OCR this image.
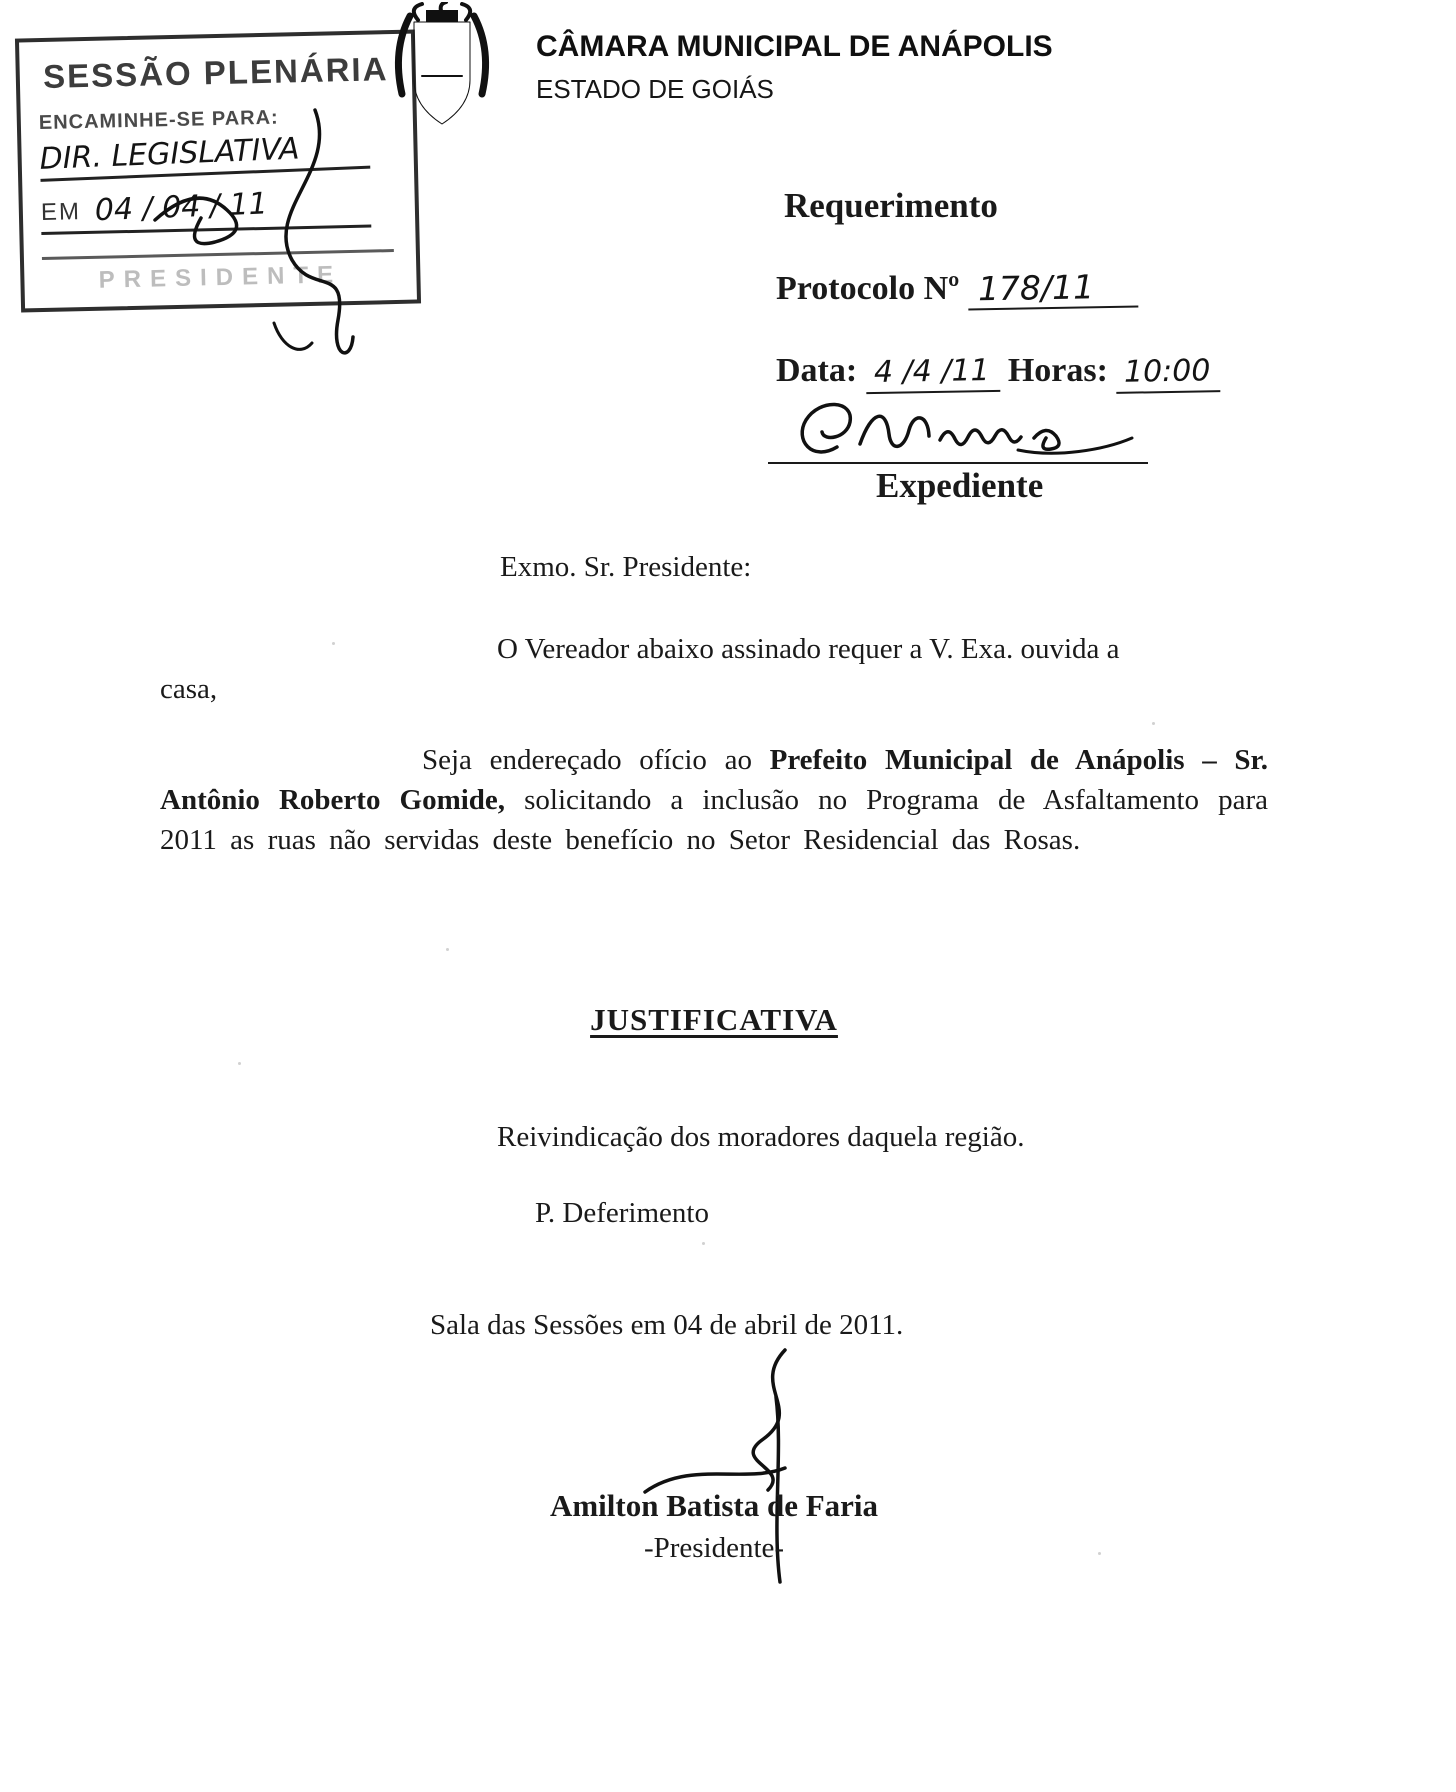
SESSÃO PLENÁRIA
ENCAMINHE-SE PARA:
DIR. LEGISLATIVA
EM 04 / 04 / 11
PRESIDENTE
CÂMARA MUNICIPAL DE ANÁPOLIS
ESTADO DE GOIÁS
Requerimento
Protocolo Nº 178/11
Data: 4 /4 /11 Horas: 10:00
Expediente
Exmo. Sr. Presidente:
O Vereador abaixo assinado requer a V. Exa. ouvida a
casa,

Seja endereçado ofício ao Prefeito Municipal de Anápolis – Sr. Antônio Roberto Gomide, solicitando a inclusão no Programa de Asfaltamento para 2011 as ruas não servidas deste benefício no Setor Residencial das Rosas.

JUSTIFICATIVA
Reivindicação dos moradores daquela região.
P. Deferimento
Sala das Sessões em 04 de abril de 2011.
Amilton Batista de Faria
-Presidente-
